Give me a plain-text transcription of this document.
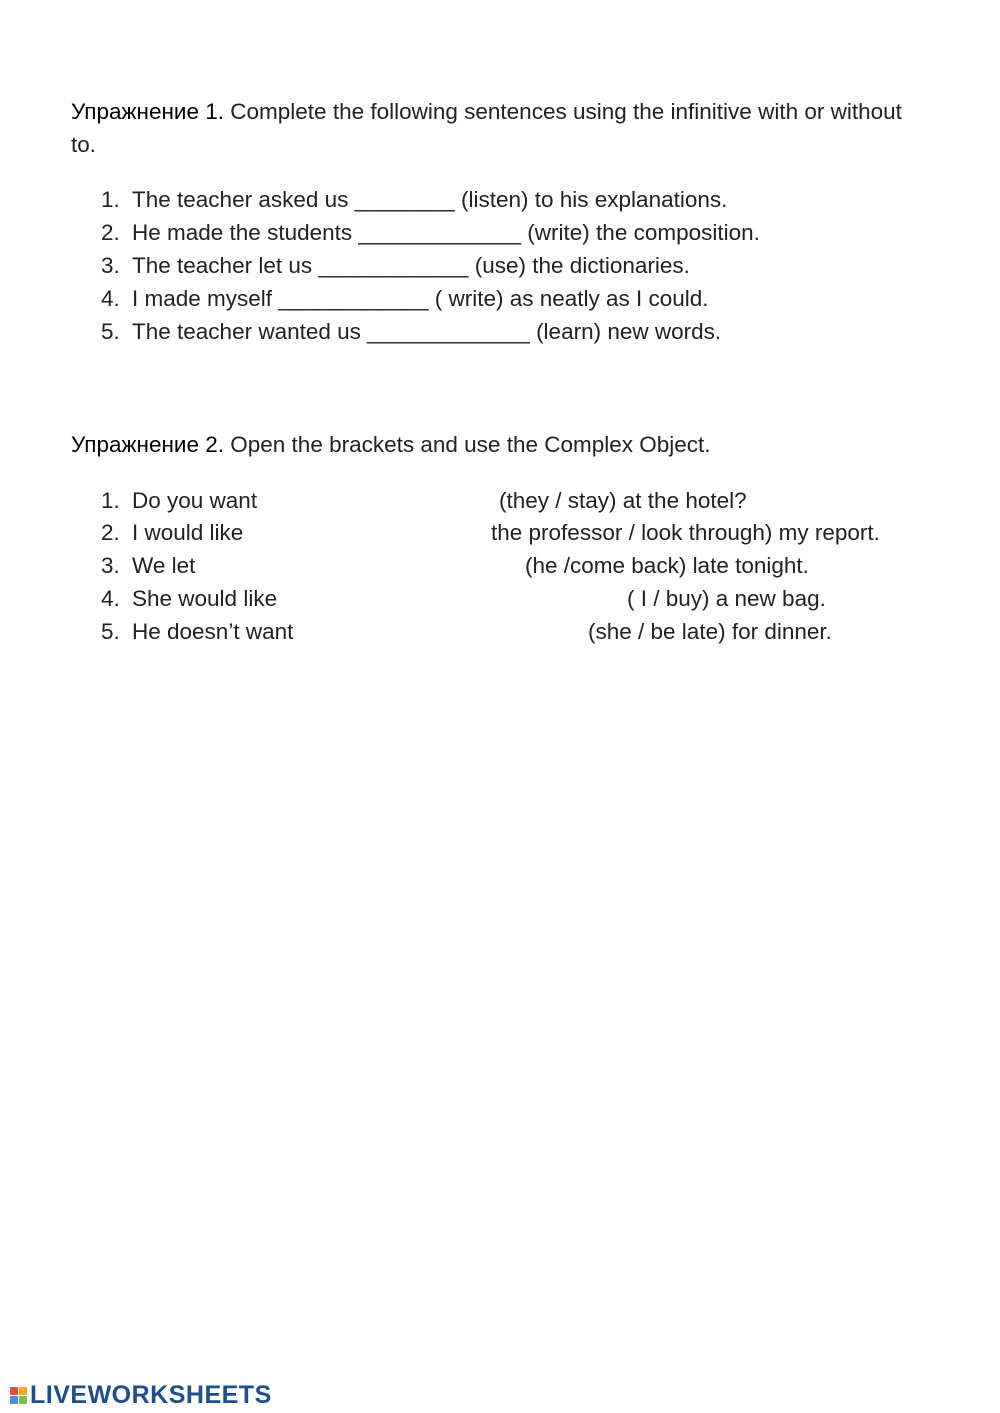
Упражнение 1. Complete the following sentences using the infinitive with or without to.

1. The teacher asked us ________ (listen) to his explanations.
2. He made the students _____________ (write) the composition.
3. The teacher let us ____________ (use) the dictionaries.
4. I made myself ____________ ( write) as neatly as I could.
5. The teacher wanted us _____________ (learn) new words.

Упражнение 2. Open the brackets and use the Complex Object.

1. Do you want	(they / stay) at the hotel?
2. I would like	the professor / look through) my report.
3. We let	(he /come back) late tonight.
4. She would like	( I / buy) a new bag.
5. He doesn’t want	(she / be late) for dinner.
LIVEWORKSHEETS
